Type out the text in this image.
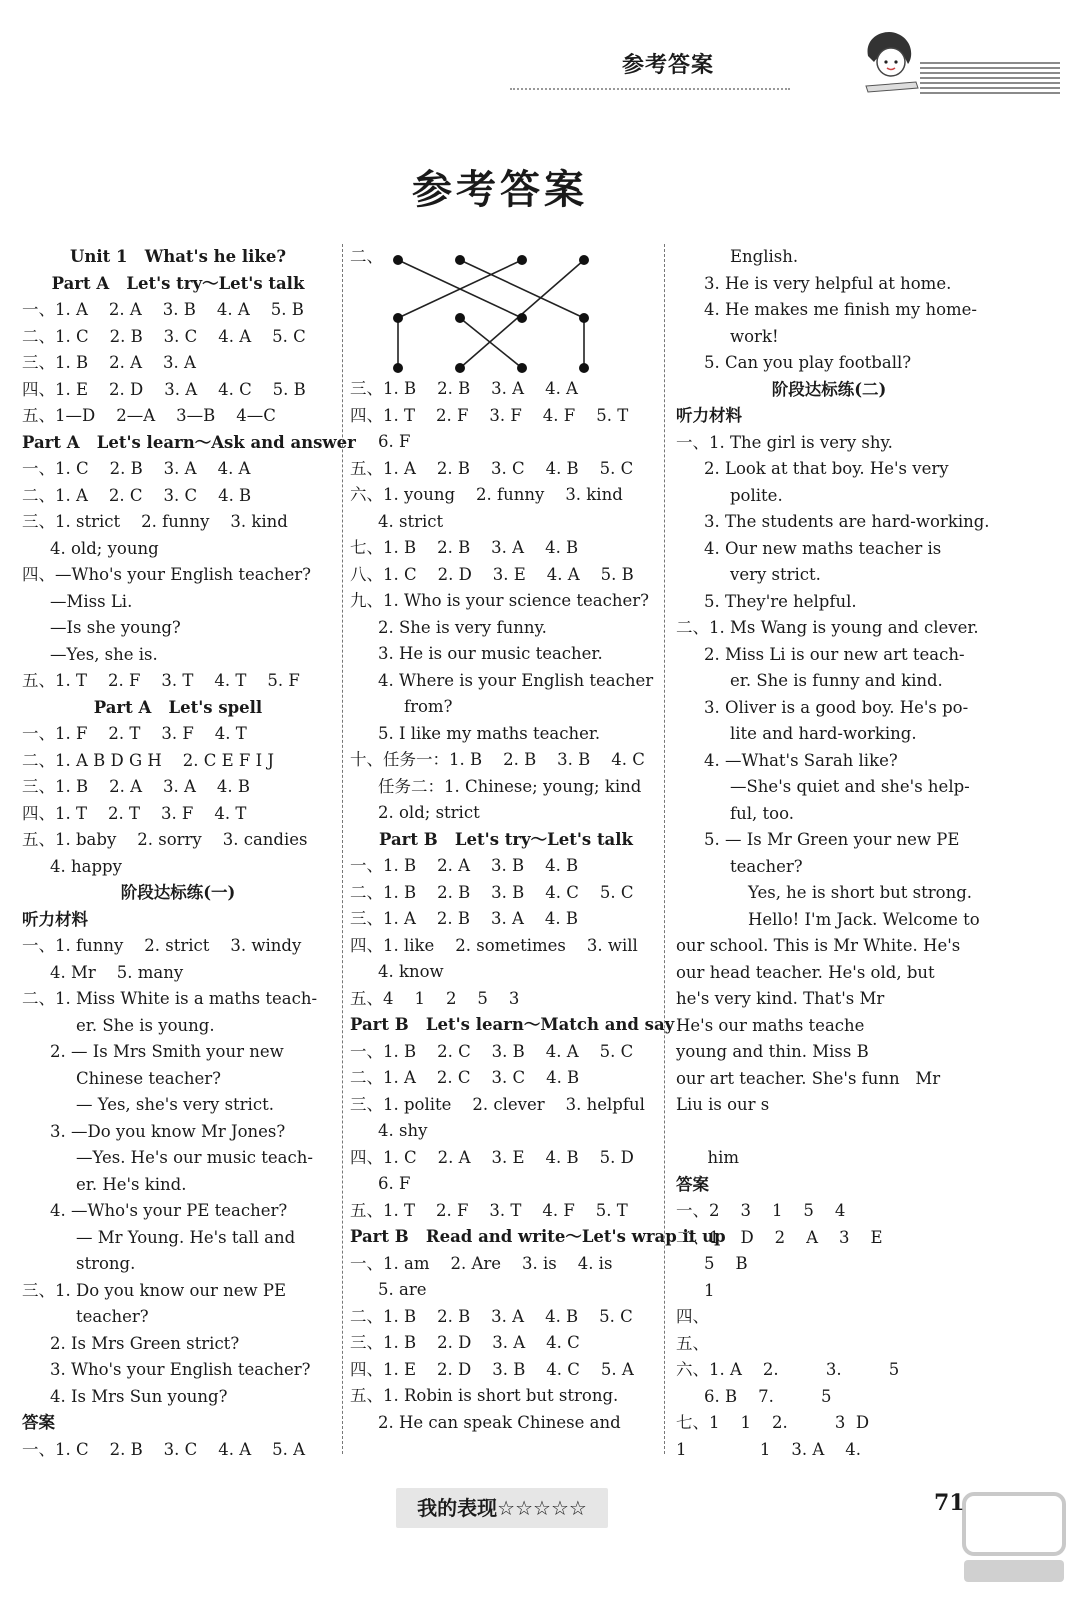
参考答案
参考答案
Unit 1   What's he like?
Part A   Let's try～Let's talk
一、1. A    2. A    3. B    4. A    5. B
二、1. C    2. B    3. C    4. A    5. C
三、1. B    2. A    3. A
四、1. E    2. D    3. A    4. C    5. B
五、1—D    2—A    3—B    4—C
Part A   Let's learn～Ask and answer
一、1. C    2. B    3. A    4. A
二、1. A    2. C    3. C    4. B
三、1. strict    2. funny    3. kind
4. old; young
四、—Who's your English teacher?
—Miss Li.
—Is she young?
—Yes, she is.
五、1. T    2. F    3. T    4. T    5. F
Part A   Let's spell
一、1. F    2. T    3. F    4. T
二、1. A B D G H    2. C E F I J
三、1. B    2. A    3. A    4. B
四、1. T    2. T    3. F    4. T
五、1. baby    2. sorry    3. candies
4. happy
阶段达标练(一)
听力材料
一、1. funny    2. strict    3. windy
4. Mr    5. many
二、1. Miss White is a maths teach-
er. She is young.
2. — Is Mrs Smith your new
Chinese teacher?
— Yes, she's very strict.
3. —Do you know Mr Jones?
—Yes. He's our music teach-
er. He's kind.
4. —Who's your PE teacher?
— Mr Young. He's tall and
strong.
三、1. Do you know our new PE
teacher?
2. Is Mrs Green strict?
3. Who's your English teacher?
4. Is Mrs Sun young?
答案
一、1. C    2. B    3. C    4. A    5. A
二、
三、1. B    2. B    3. A    4. A
四、1. T    2. F    3. F    4. F    5. T
6. F
五、1. A    2. B    3. C    4. B    5. C
六、1. young    2. funny    3. kind
4. strict
七、1. B    2. B    3. A    4. B
八、1. C    2. D    3. E    4. A    5. B
九、1. Who is your science teacher?
2. She is very funny.
3. He is our music teacher.
4. Where is your English teacher
from?
5. I like my maths teacher.
十、任务一：1. B    2. B    3. B    4. C
任务二：1. Chinese; young; kind
2. old; strict
Part B   Let's try～Let's talk
一、1. B    2. A    3. B    4. B
二、1. B    2. B    3. B    4. C    5. C
三、1. A    2. B    3. A    4. B
四、1. like    2. sometimes    3. will
4. know
五、4    1    2    5    3
Part B   Let's learn～Match and say
一、1. B    2. C    3. B    4. A    5. C
二、1. A    2. C    3. C    4. B
三、1. polite    2. clever    3. helpful
4. shy
四、1. C    2. A    3. E    4. B    5. D
6. F
五、1. T    2. F    3. T    4. F    5. T
Part B   Read and write～Let's wrap it up
一、1. am    2. Are    3. is    4. is
5. are
二、1. B    2. B    3. A    4. B    5. C
三、1. B    2. D    3. A    4. C
四、1. E    2. D    3. B    4. C    5. A
五、1. Robin is short but strong.
2. He can speak Chinese and
English.
3. He is very helpful at home.
4. He makes me finish my home-
work!
5. Can you play football?
阶段达标练(二)
听力材料
一、1. The girl is very shy.
2. Look at that boy. He's very
polite.
3. The students are hard-working.
4. Our new maths teacher is
very strict.
5. They're helpful.
二、1. Ms Wang is young and clever.
2. Miss Li is our new art teach-
er. She is funny and kind.
3. Oliver is a good boy. He's po-
lite and hard-working.
4. —What's Sarah like?
—She's quiet and she's help-
ful, too.
5. — Is Mr Green your new PE
teacher?
Yes, he is short but strong.
Hello! I'm Jack. Welcome to
our school. This is Mr White. He's
our head teacher. He's old, but
he's very kind. That's Mr
He's our maths teache
young and thin. Miss B
our art teacher. She's funn   Mr
Liu is our s
him
答案
一、2    3    1    5    4
二、1    D    2    A    3    E
5    B
1
四、
五、
六、1. A    2.         3.         5
6. B    7.         5
七、1    1    2.         3  D
1              1    3. A    4.
我的表现☆☆☆☆☆	71
